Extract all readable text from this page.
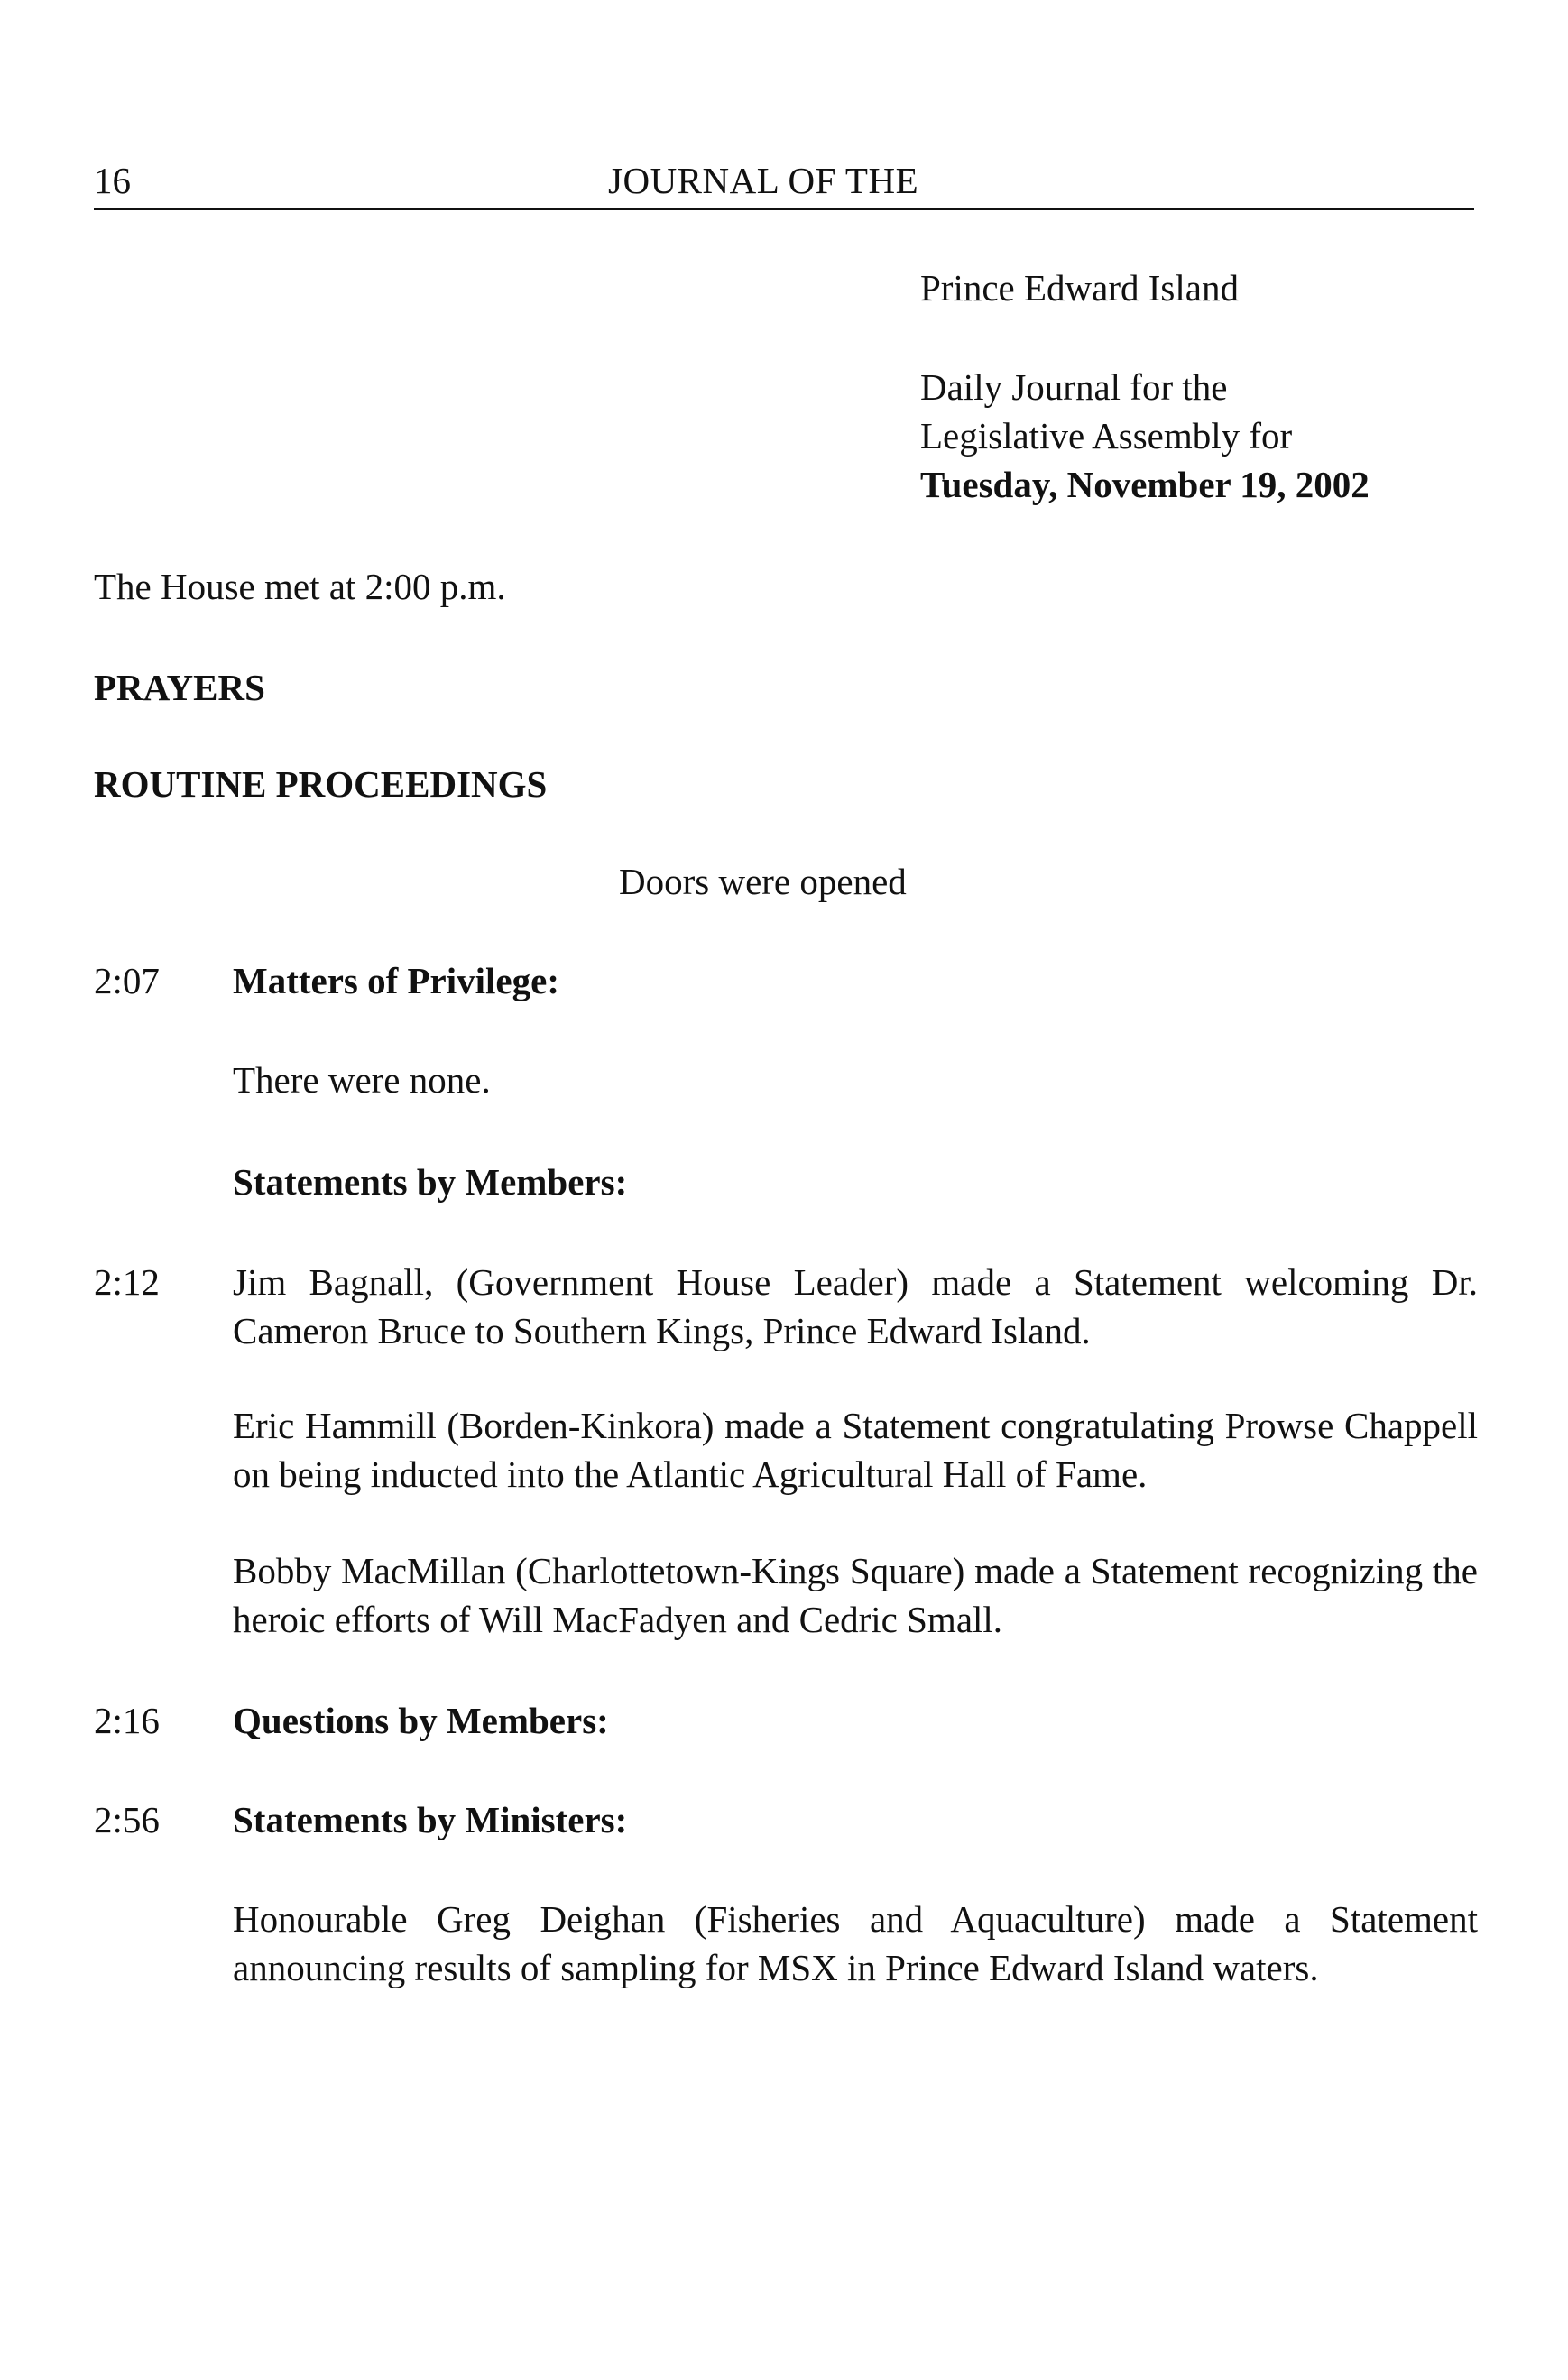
16	JOURNAL OF THE
Prince Edward Island
Daily Journal for the
Legislative Assembly for
Tuesday, November 19, 2002
The House met at 2:00 p.m.
PRAYERS
ROUTINE PROCEEDINGS
Doors were opened
2:07 Matters of Privilege:
There were none.
Statements by Members:
2:12 Jim Bagnall, (Government House Leader) made a Statement welcoming Dr. Cameron Bruce to Southern Kings, Prince Edward Island.
Eric Hammill (Borden-Kinkora) made a Statement congratulating Prowse Chappell on being inducted into the Atlantic Agricultural Hall of Fame.
Bobby MacMillan (Charlottetown-Kings Square) made a Statement recognizing the heroic efforts of Will MacFadyen and Cedric Small.
2:16 Questions by Members:
2:56 Statements by Ministers:
Honourable Greg Deighan (Fisheries and Aquaculture) made a Statement announcing results of sampling for MSX in Prince Edward Island waters.
